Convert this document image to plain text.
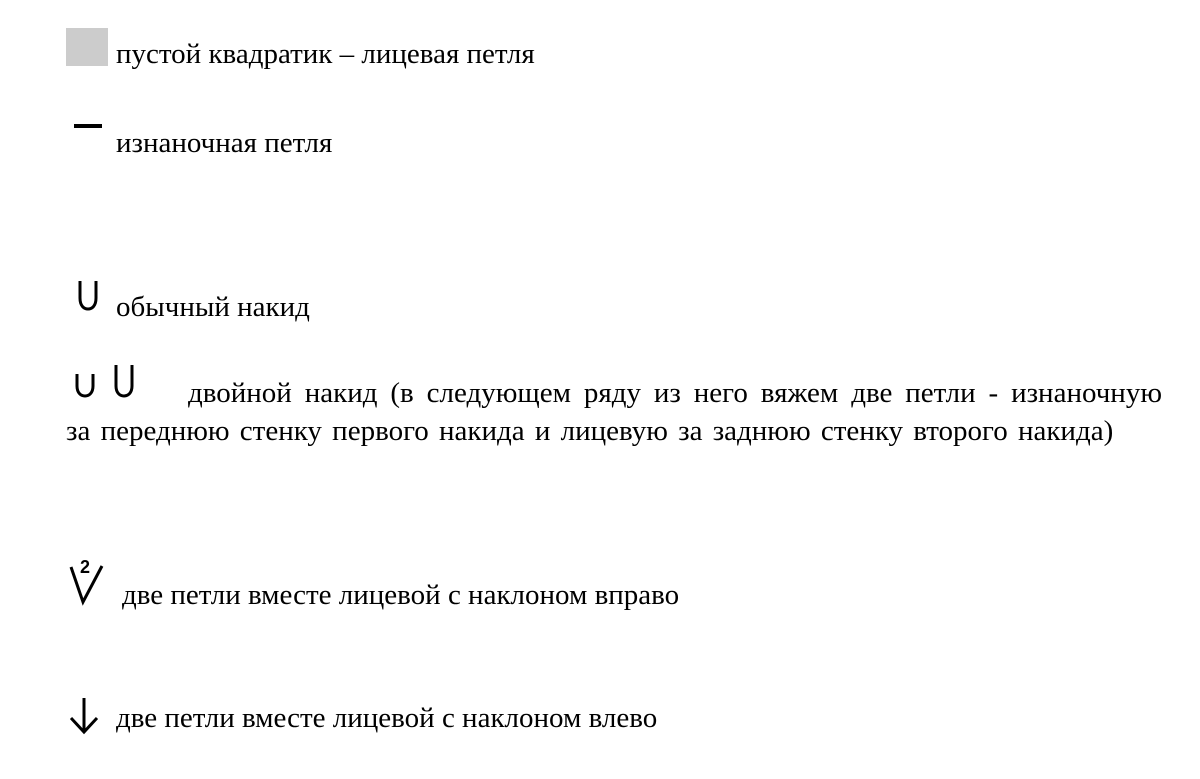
пустой квадратик – лицевая петля
изнаночная петля
обычный накид
двойной накид (в следующем ряду из него вяжем две петли - изнаночную за переднюю стенку первого накида и лицевую за заднюю стенку второго накида)
2
две петли вместе лицевой с наклоном вправо
две петли вместе лицевой с наклоном влево
